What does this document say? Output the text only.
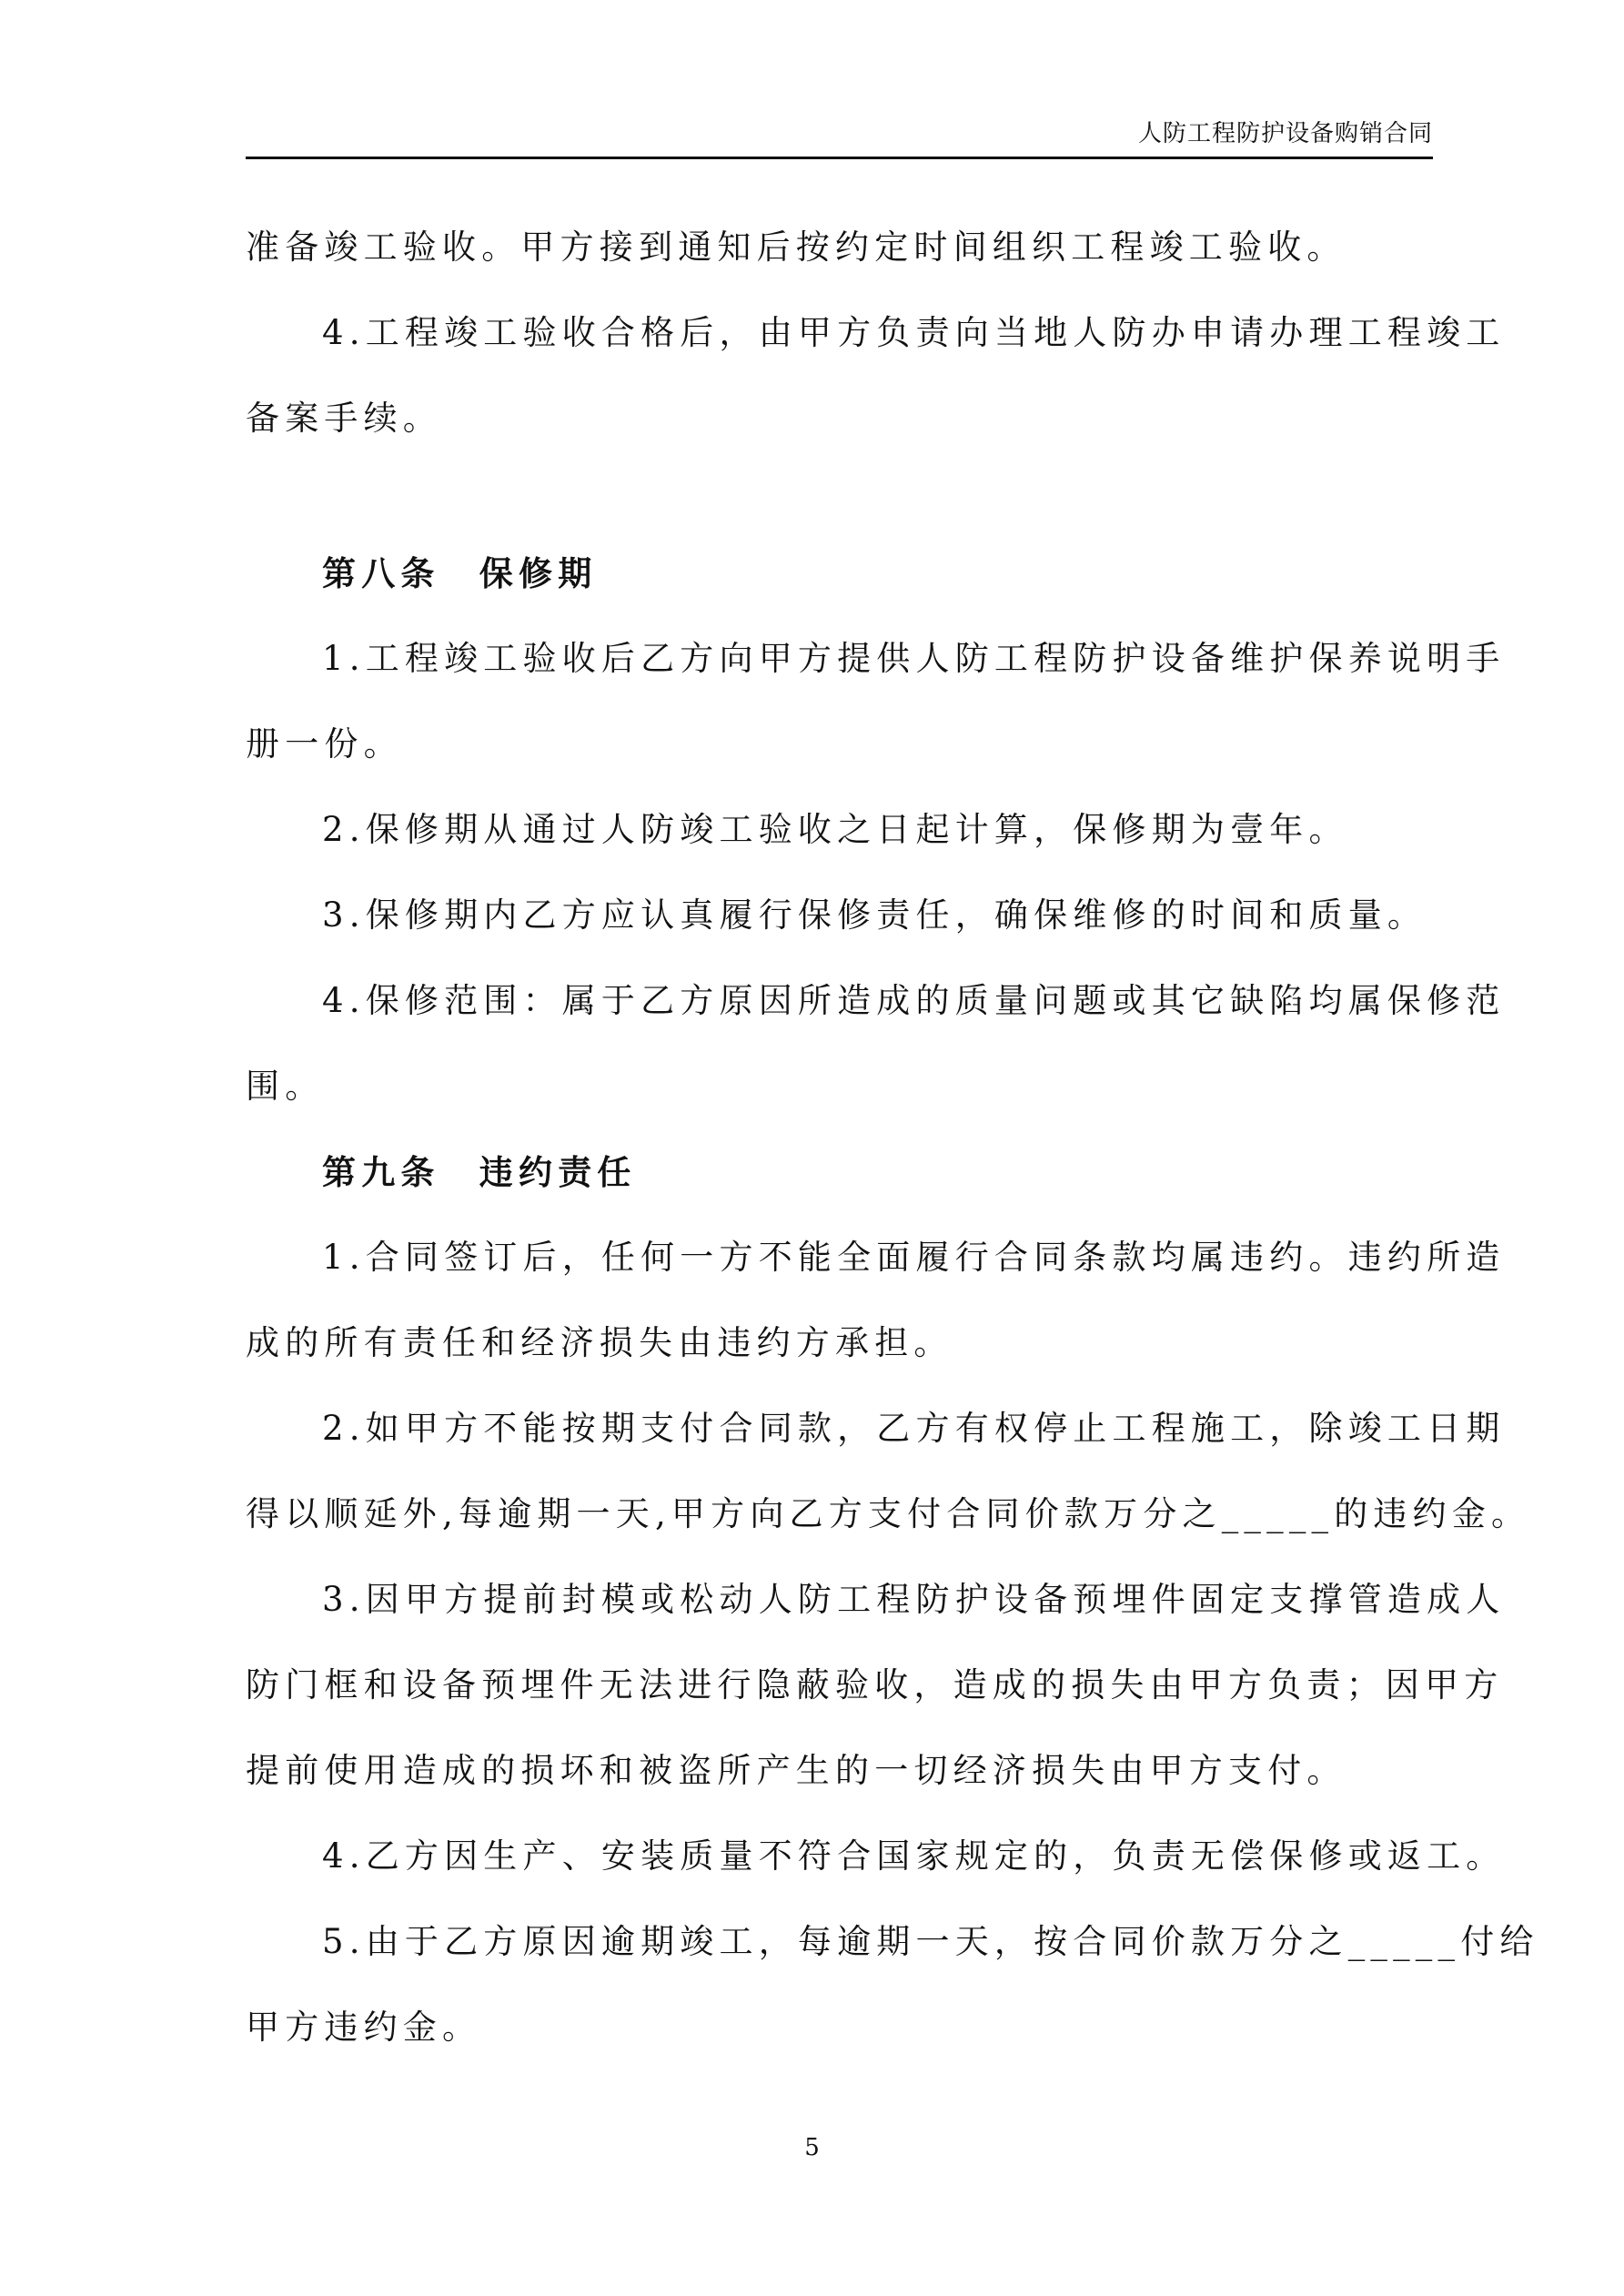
人防工程防护设备购销合同
准备竣工验收。甲方接到通知后按约定时间组织工程竣工验收。
4.工程竣工验收合格后，由甲方负责向当地人防办申请办理工程竣工
备案手续。
第八条　保修期
1.工程竣工验收后乙方向甲方提供人防工程防护设备维护保养说明手
册一份。
2.保修期从通过人防竣工验收之日起计算，保修期为壹年。
3.保修期内乙方应认真履行保修责任，确保维修的时间和质量。
4.保修范围：属于乙方原因所造成的质量问题或其它缺陷均属保修范
围。
第九条　违约责任
1.合同签订后，任何一方不能全面履行合同条款均属违约。违约所造
成的所有责任和经济损失由违约方承担。
2.如甲方不能按期支付合同款，乙方有权停止工程施工，除竣工日期
得以顺延外,每逾期一天,甲方向乙方支付合同价款万分之_____的违约金。
3.因甲方提前封模或松动人防工程防护设备预埋件固定支撑管造成人
防门框和设备预埋件无法进行隐蔽验收，造成的损失由甲方负责；因甲方
提前使用造成的损坏和被盗所产生的一切经济损失由甲方支付。
4.乙方因生产、安装质量不符合国家规定的，负责无偿保修或返工。
5.由于乙方原因逾期竣工，每逾期一天，按合同价款万分之_____付给
甲方违约金。
5
